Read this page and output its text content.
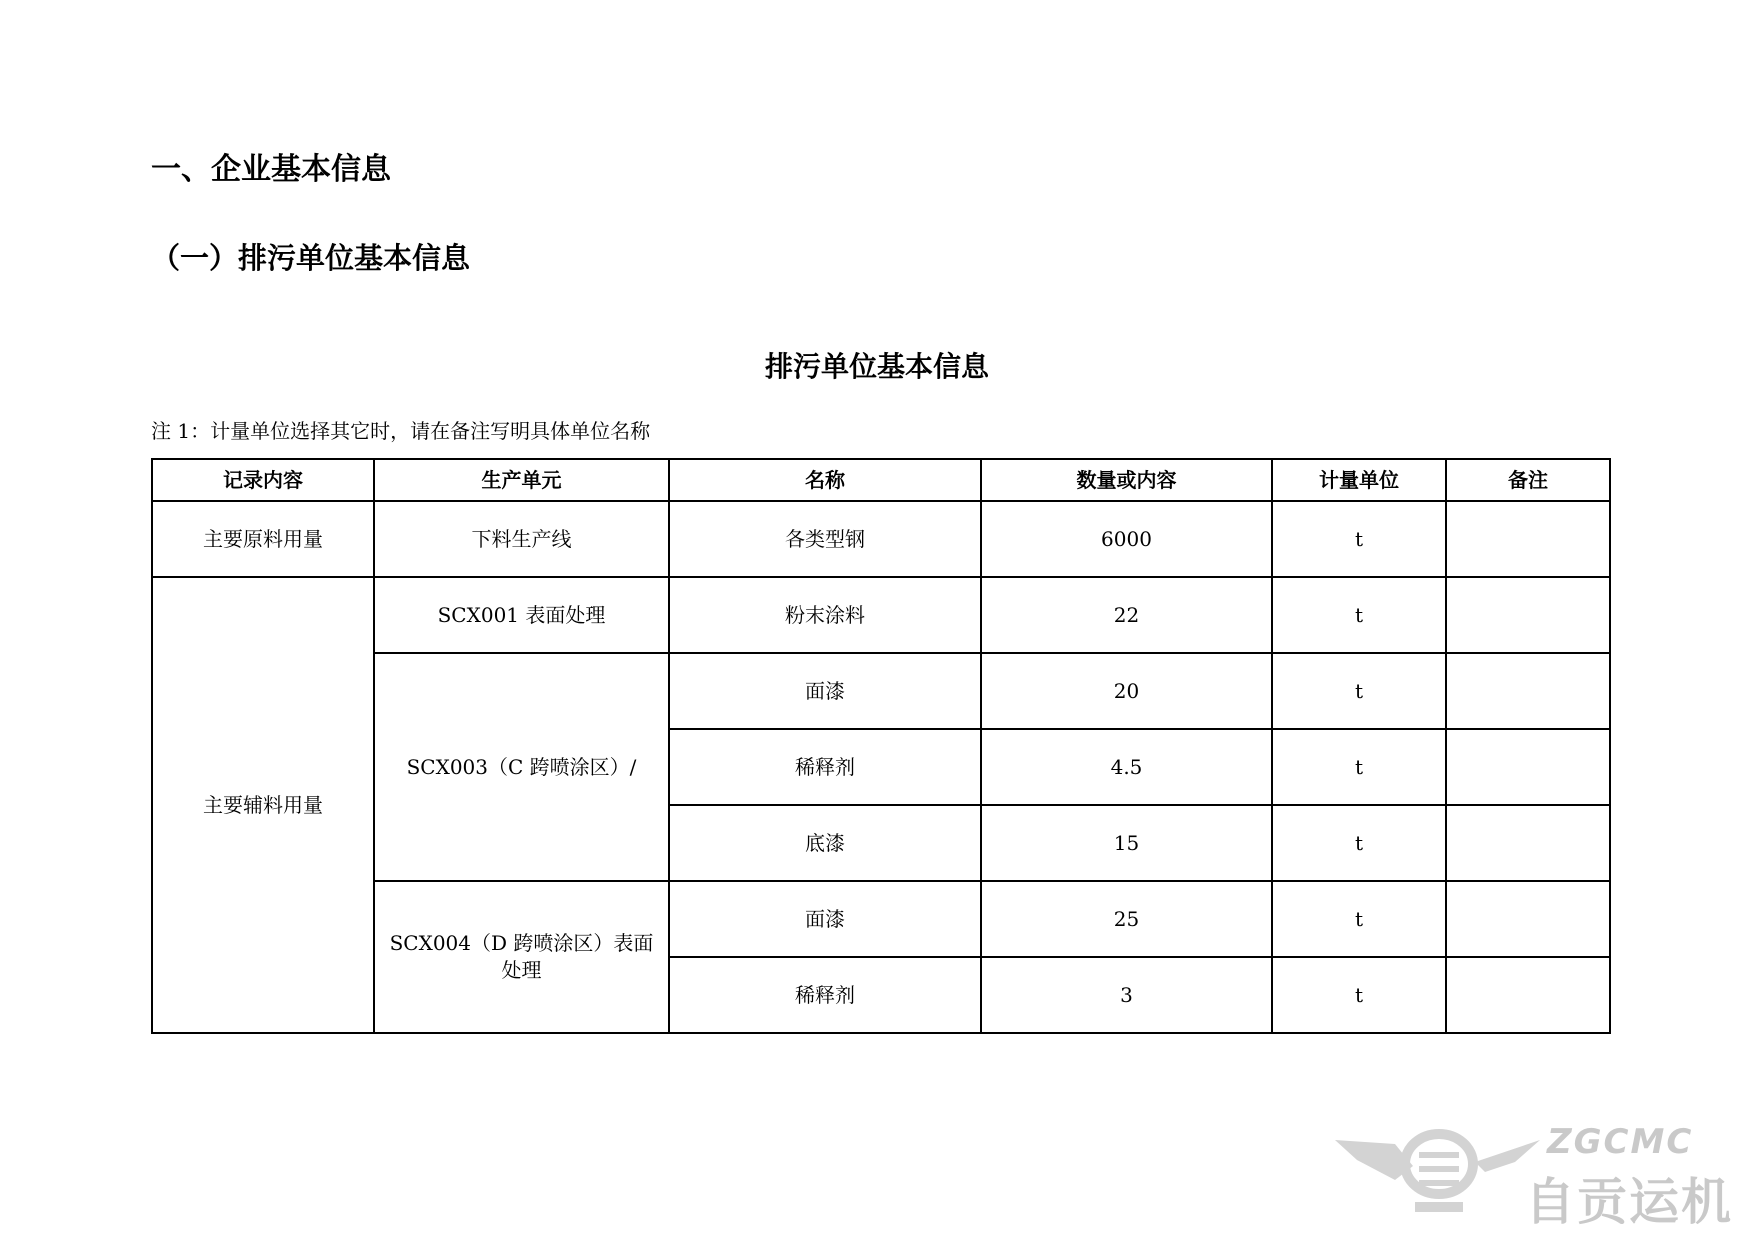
一、企业基本信息
（一）排污单位基本信息
排污单位基本信息
注 1：计量单位选择其它时，请在备注写明具体单位名称
记录内容	生产单元	名称	数量或内容	计量单位	备注
主要原料用量	下料生产线	各类型钢	6000	t	
主要辅料用量	SCX001 表面处理	粉末涂料	22	t	
	SCX003（C 跨喷涂区）/	面漆	20	t	
		稀释剂	4.5	t	
		底漆	15	t	
	SCX004（D 跨喷涂区）表面处理	面漆	25	t	
		稀释剂	3	t	
ZGCMC
自贡运机
